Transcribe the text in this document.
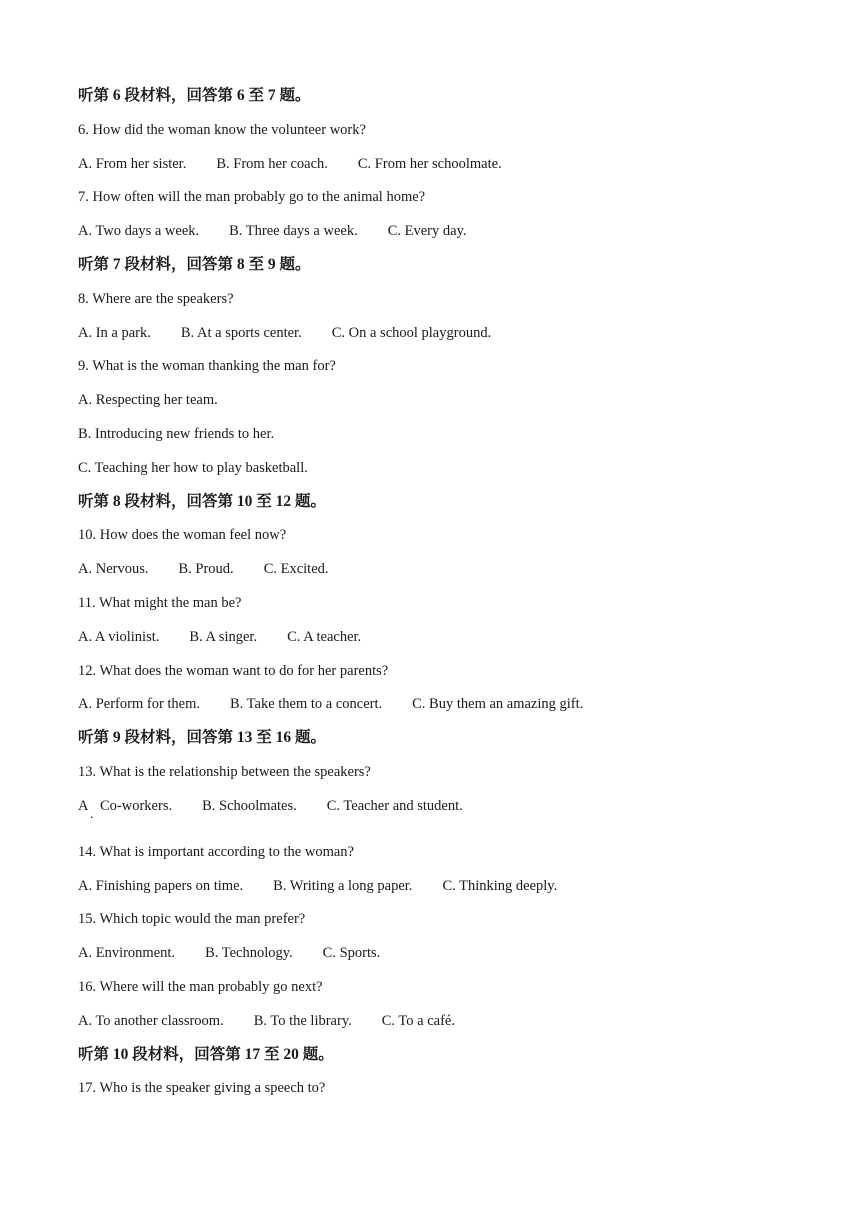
听第 6 段材料，回答第 6 至 7 题。
6. How did the woman know the volunteer work?
A. From her sister. B. From her coach. C. From her schoolmate.
7. How often will the man probably go to the animal home?
A. Two days a week. B. Three days a week. C. Every day.
听第 7 段材料，回答第 8 至 9 题。
8. Where are the speakers?
A. In a park. B. At a sports center. C. On a school playground.
9. What is the woman thanking the man for?
A. Respecting her team.
B. Introducing new friends to her.
C. Teaching her how to play basketball.
听第 8 段材料，回答第 10 至 12 题。
10. How does the woman feel now?
A. Nervous. B. Proud. C. Excited.
11. What might the man be?
A. A violinist. B. A singer. C. A teacher.
12. What does the woman want to do for her parents?
A. Perform for them. B. Take them to a concert. C. Buy them an amazing gift.
听第 9 段材料，回答第 13 至 16 题。
13. What is the relationship between the speakers?
A Co-workers. B. Schoolmates. C. Teacher and student.
.
14. What is important according to the woman?
A. Finishing papers on time. B. Writing a long paper. C. Thinking deeply.
15. Which topic would the man prefer?
A. Environment. B. Technology. C. Sports.
16. Where will the man probably go next?
A. To another classroom. B. To the library. C. To a café.
听第 10 段材料，回答第 17 至 20 题。
17. Who is the speaker giving a speech to?
